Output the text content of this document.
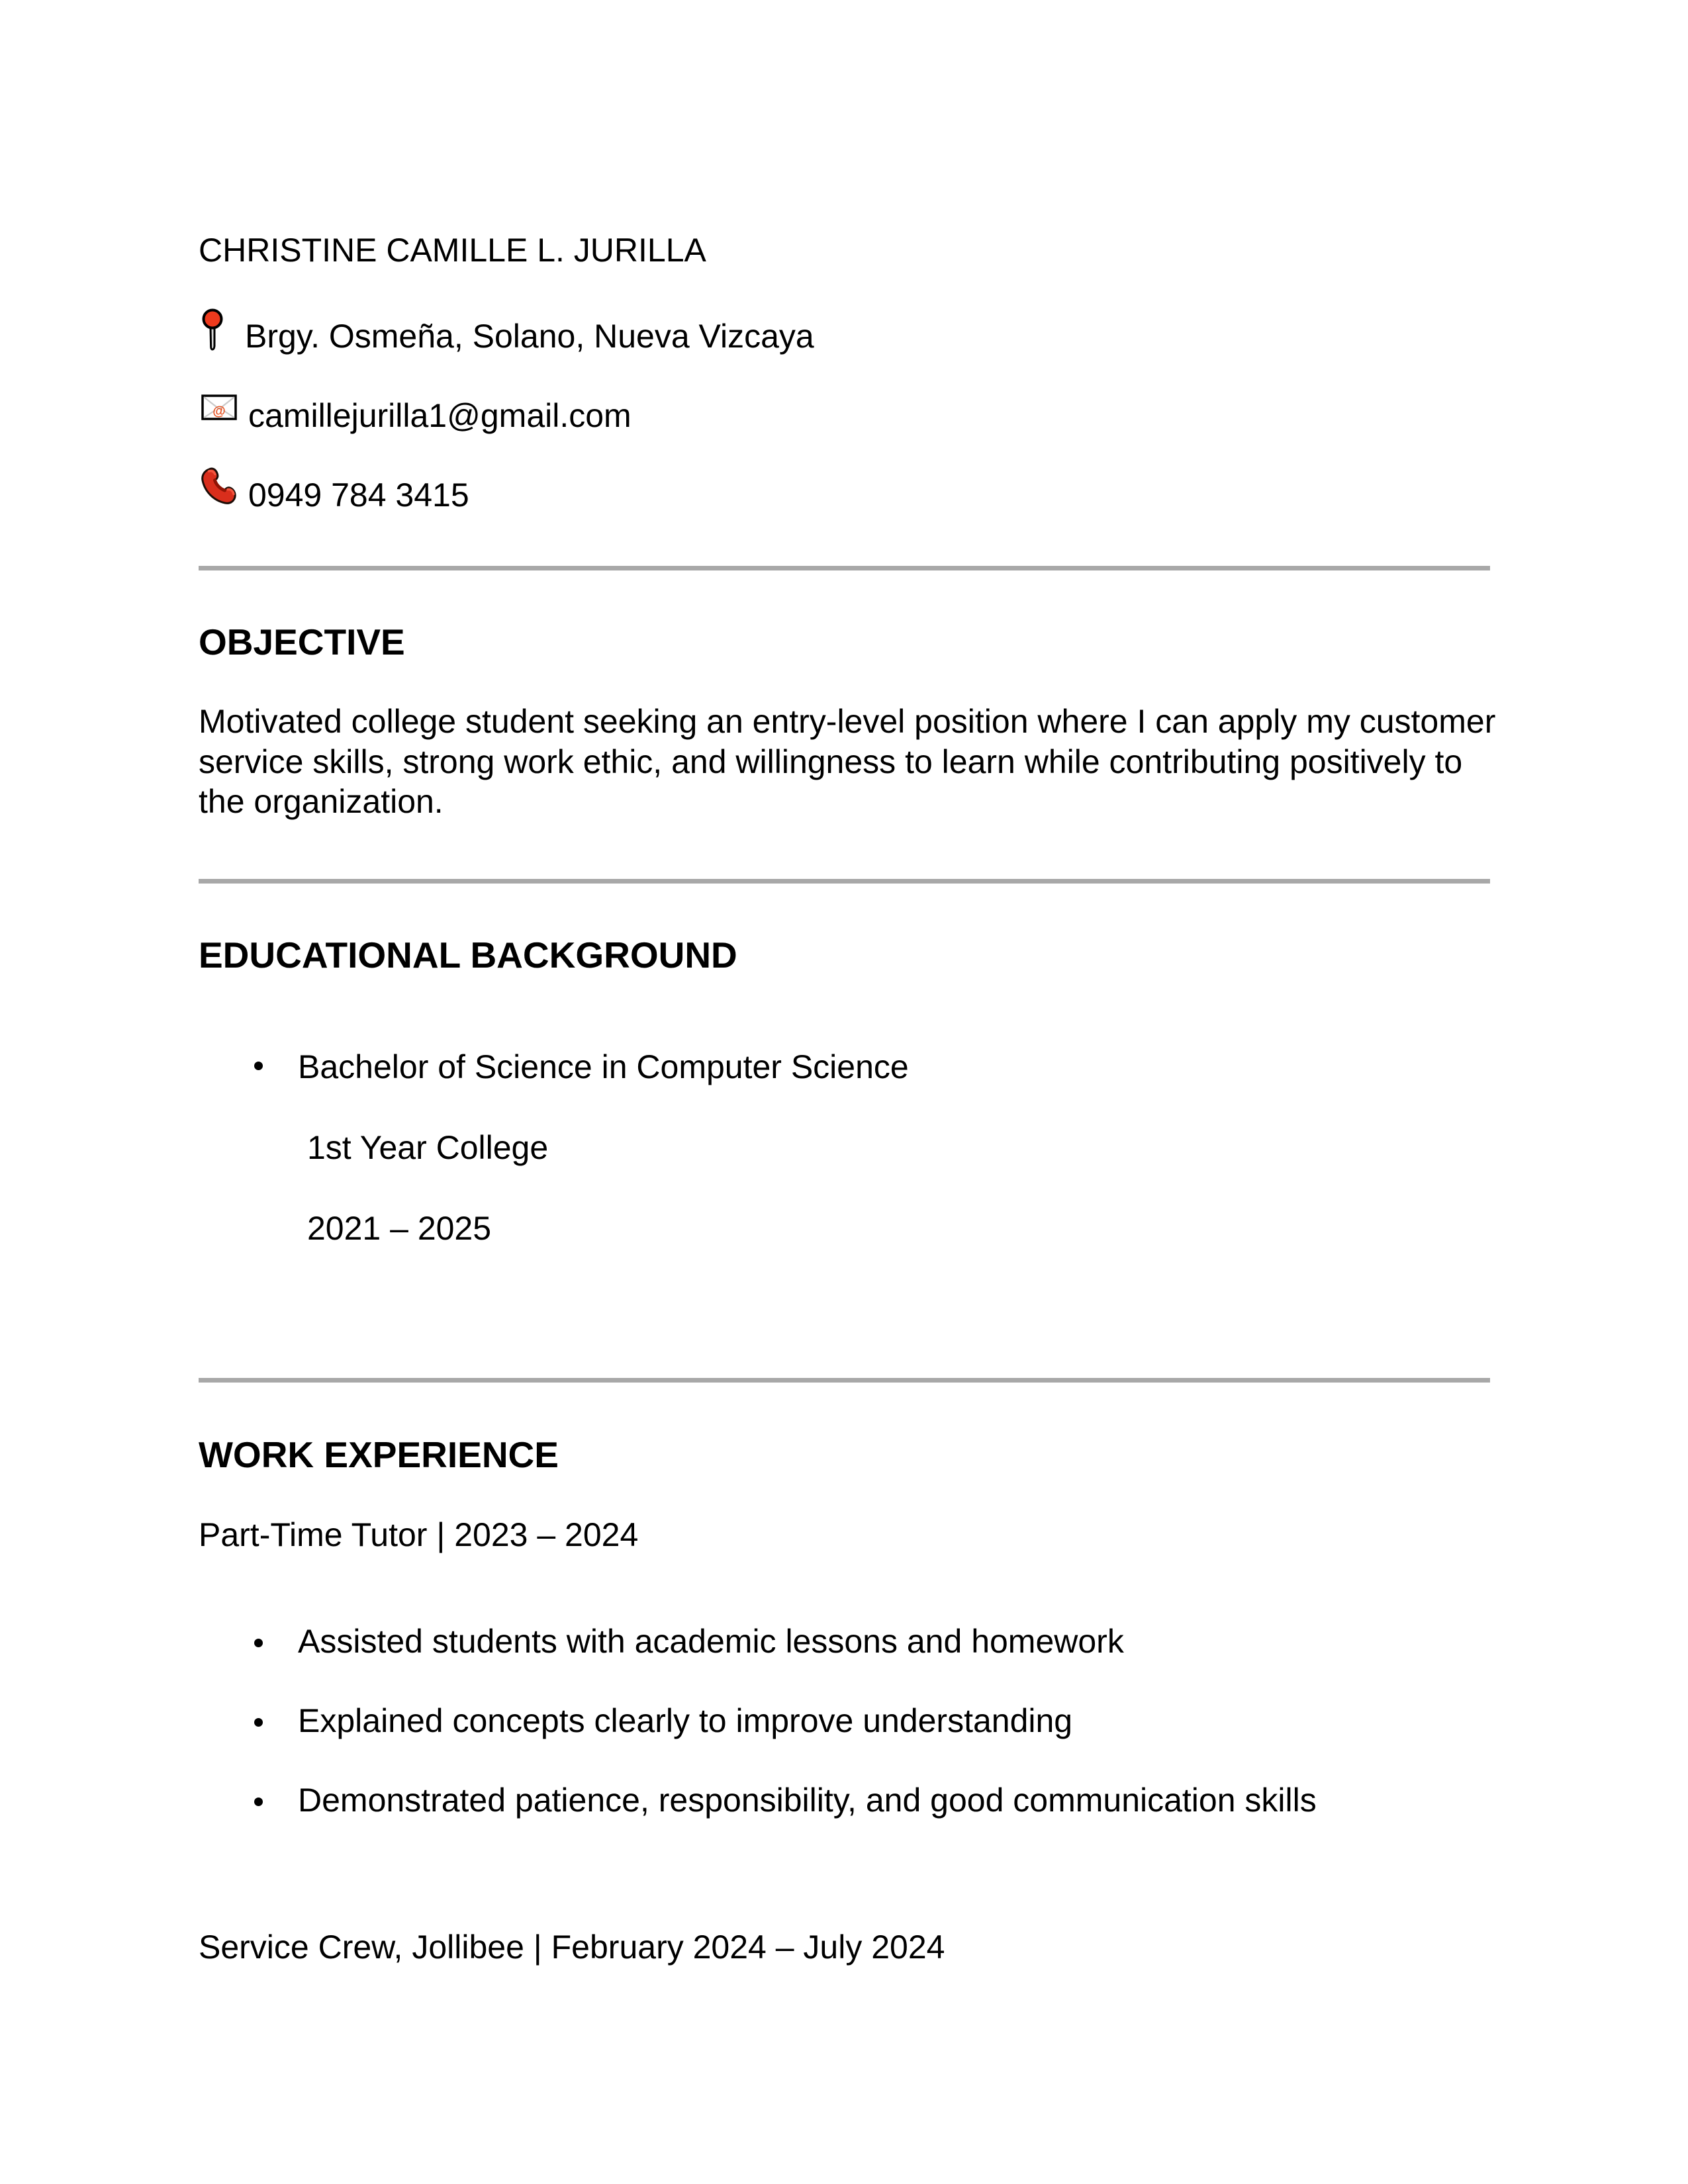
CHRISTINE CAMILLE L. JURILLA
Brgy. Osmeña, Solano, Nueva Vizcaya
@ camillejurilla1@gmail.com
0949 784 3415
OBJECTIVE
Motivated college student seeking an entry-level position where I can apply my customer service skills, strong work ethic, and willingness to learn while contributing positively to the organization.
EDUCATIONAL BACKGROUND
Bachelor of Science in Computer Science
1st Year College
2021 – 2025
WORK EXPERIENCE
Part-Time Tutor | 2023 – 2024
Assisted students with academic lessons and homework
Explained concepts clearly to improve understanding
Demonstrated patience, responsibility, and good communication skills
Service Crew, Jollibee | February 2024 – July 2024
